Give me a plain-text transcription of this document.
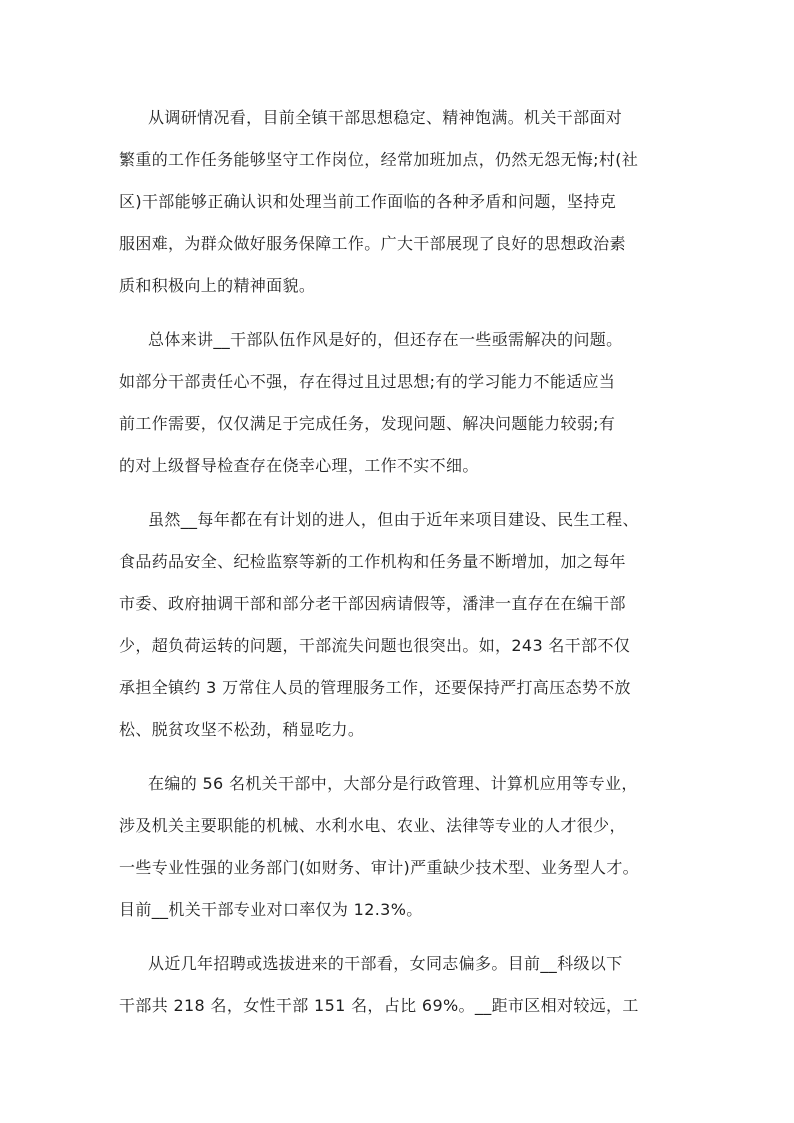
从调研情况看，目前全镇干部思想稳定、精神饱满。机关干部面对
繁重的工作任务能够坚守工作岗位，经常加班加点，仍然无怨无悔;村(社
区)干部能够正确认识和处理当前工作面临的各种矛盾和问题，坚持克
服困难，为群众做好服务保障工作。广大干部展现了良好的思想政治素
质和积极向上的精神面貌。
总体来讲__干部队伍作风是好的，但还存在一些亟需解决的问题。
如部分干部责任心不强，存在得过且过思想;有的学习能力不能适应当
前工作需要，仅仅满足于完成任务，发现问题、解决问题能力较弱;有
的对上级督导检查存在侥幸心理，工作不实不细。
虽然__每年都在有计划的进人，但由于近年来项目建设、民生工程、
食品药品安全、纪检监察等新的工作机构和任务量不断增加，加之每年
市委、政府抽调干部和部分老干部因病请假等，潘津一直存在在编干部
少，超负荷运转的问题，干部流失问题也很突出。如，243 名干部不仅
承担全镇约 3 万常住人员的管理服务工作，还要保持严打高压态势不放
松、脱贫攻坚不松劲，稍显吃力。
在编的 56 名机关干部中，大部分是行政管理、计算机应用等专业，
涉及机关主要职能的机械、水利水电、农业、法律等专业的人才很少，
一些专业性强的业务部门(如财务、审计)严重缺少技术型、业务型人才。
目前__机关干部专业对口率仅为 12.3%。
从近几年招聘或选拔进来的干部看，女同志偏多。目前__科级以下
干部共 218 名，女性干部 151 名，占比 69%。__距市区相对较远，工
